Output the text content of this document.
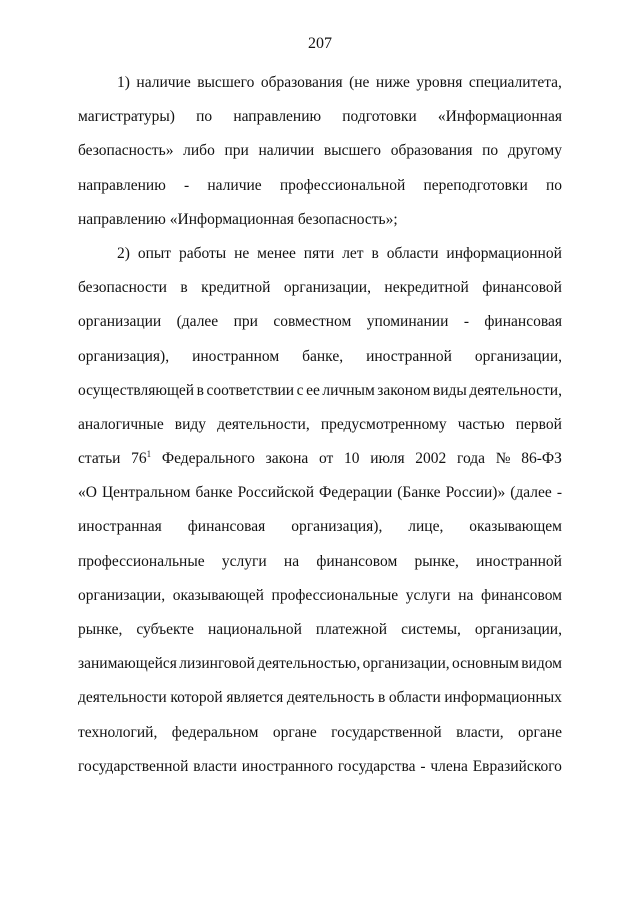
207
1) наличие высшего образования (не ниже уровня специалитета,
магистратуры) по направлению подготовки «Информационная
безопасность» либо при наличии высшего образования по другому
направлению - наличие профессиональной переподготовки по
направлению «Информационная безопасность»;
2) опыт работы не менее пяти лет в области информационной
безопасности в кредитной организации, некредитной финансовой
организации (далее при совместном упоминании - финансовая
организация), иностранном банке, иностранной организации,
осуществляющей в соответствии с ее личным законом виды деятельности,
аналогичные виду деятельности, предусмотренному частью первой
статьи $76^1$ Федерального закона от 10 июля 2002 года № 86-ФЗ
«О Центральном банке Российской Федерации (Банке России)» (далее -
иностранная финансовая организация), лице, оказывающем
профессиональные услуги на финансовом рынке, иностранной
организации, оказывающей профессиональные услуги на финансовом
рынке, субъекте национальной платежной системы, организации,
занимающейся лизинговой деятельностью, организации, основным видом
деятельности которой является деятельность в области информационных
технологий, федеральном органе государственной власти, органе
государственной власти иностранного государства - члена Евразийского
